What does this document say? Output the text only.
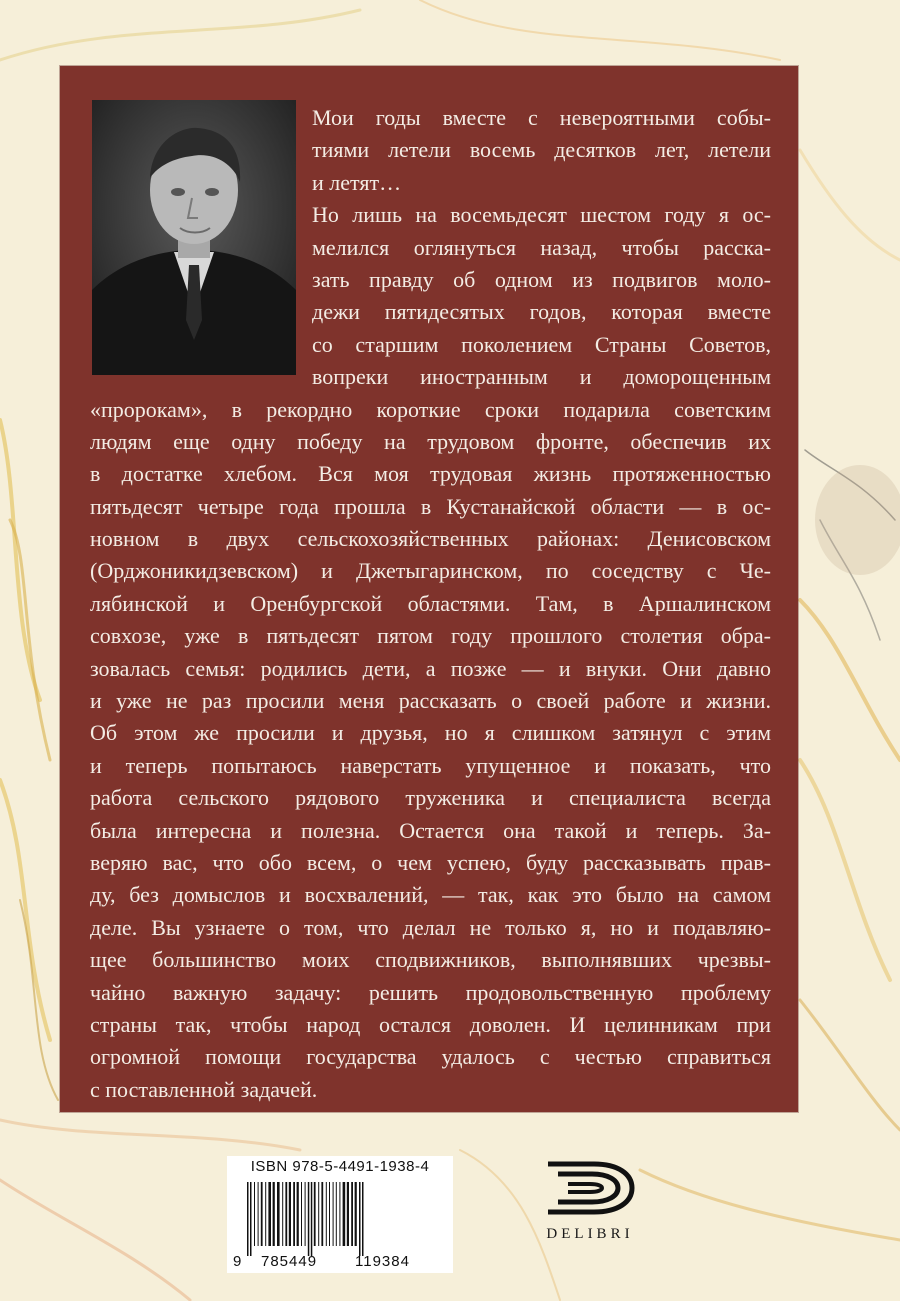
Мои годы вместе с невероятными собы-
тиями летели восемь десятков лет, летели
и летят…
Но лишь на восемьдесят шестом году я ос-
мелился оглянуться назад, чтобы расска-
зать правду об одном из подвигов моло-
дежи пятидесятых годов, которая вместе
со старшим поколением Страны Советов,
вопреки иностранным и доморощенным
«пророкам», в рекордно короткие сроки подарила советским
людям еще одну победу на трудовом фронте, обеспечив их
в достатке хлебом. Вся моя трудовая жизнь протяженностью
пятьдесят четыре года прошла в Кустанайской области — в ос-
новном в двух сельскохозяйственных районах: Денисовском
(Орджоникидзевском) и Джетыгаринском, по соседству с Че-
лябинской и Оренбургской областями. Там, в Аршалинском
совхозе, уже в пятьдесят пятом году прошлого столетия обра-
зовалась семья: родились дети, а позже — и внуки. Они давно
и уже не раз просили меня рассказать о своей работе и жизни.
Об этом же просили и друзья, но я слишком затянул с этим
и теперь попытаюсь наверстать упущенное и показать, что
работа сельского рядового труженика и специалиста всегда
была интересна и полезна. Остается она такой и теперь. За-
веряю вас, что обо всем, о чем успею, буду рассказывать прав-
ду, без домыслов и восхвалений, — так, как это было на самом
деле. Вы узнаете о том, что делал не только я, но и подавляю-
щее большинство моих сподвижников, выполнявших чрезвы-
чайно важную задачу: решить продовольственную проблему
страны так, чтобы народ остался доволен. И целинникам при
огромной помощи государства удалось с честью справиться
с поставленной задачей.
ISBN 978-5-4491-1938-4
9 785449	119384
DELIBRI
